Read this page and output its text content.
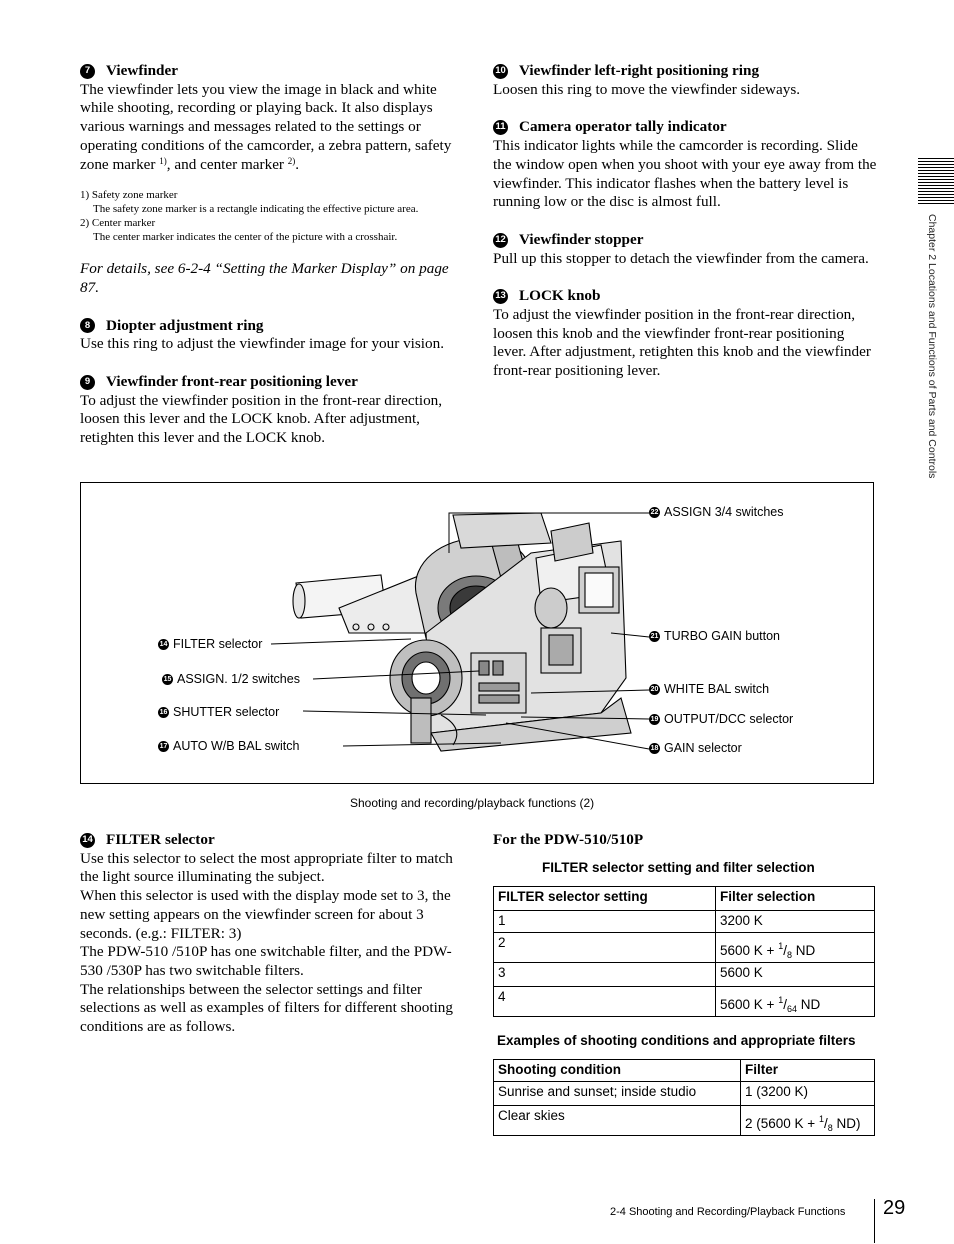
7	Viewfinder

The viewfinder lets you view the image in black and white while shooting, recording or playing back. It also displays various warnings and messages related to the settings or operating conditions of the camcorder, a zebra pattern, safety zone marker $^{1)}$, and center marker $^{2)}$.

1) Safety zone marker
The safety zone marker is a rectangle indicating the effective picture area.
2) Center marker
The center marker indicates the center of the picture with a crosshair.

For details, see 6-2-4 “Setting the Marker Display” on page 87.

8	Diopter adjustment ring

Use this ring to adjust the viewfinder image for your vision.

9	Viewfinder front-rear positioning lever

To adjust the viewfinder position in the front-rear direction, loosen this lever and the LOCK knob. After adjustment, retighten this lever and the LOCK knob.

10 Viewfinder left-right positioning ring

Loosen this ring to move the viewfinder sideways.

11 Camera operator tally indicator

This indicator lights while the camcorder is recording. Slide the window open when you shoot with your eye away from the viewfinder. This indicator flashes when the battery level is running low or the disc is almost full.

12 Viewfinder stopper

Pull up this stopper to detach the viewfinder from the camera.

13 LOCK knob

To adjust the viewfinder position in the front-rear direction, loosen this knob and the viewfinder front-rear positioning lever. After adjustment, retighten this knob and the viewfinder front-rear positioning lever.	Chapter 2 Locations and Functions of Parts and Controls
14 FILTER selector
15 ASSIGN. 1/2 switches
16 SHUTTER selector
17 AUTO W/B BAL switch
22 ASSIGN 3/4 switches
21 TURBO GAIN button
20 WHITE BAL switch
19 OUTPUT/DCC selector
18 GAIN selector
Shooting and recording/playback functions (2)

14 FILTER selector

Use this selector to select the most appropriate filter to match the light source illuminating the subject.

When this selector is used with the display mode set to 3, the new setting appears on the viewfinder screen for about 3 seconds. (e.g.: FILTER: 3)

The PDW-510 /510P has one switchable filter, and the PDW-530 /530P has two switchable filters.

The relationships between the selector settings and filter selections as well as examples of filters for different shooting conditions are as follows.

For the PDW-510/510P
FILTER selector setting and filter selection
FILTER selector setting	Filter selection
1	3200 K
2	5600 $K + ^1/_8$ ND
3	5600 K
4	5600 $K + ^1/_{64}$ ND
Examples of shooting conditions and appropriate filters
Shooting condition	Filter
Sunrise and sunset; inside studio	1 (3200 K)
Clear skies	2 (5600 $K + ^1/_8$ ND)
2-4 Shooting and Recording/Playback Functions 29
